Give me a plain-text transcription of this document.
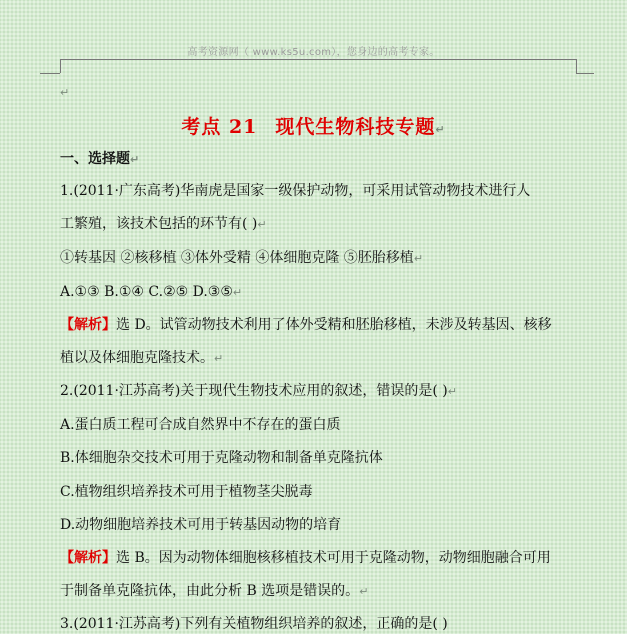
高考资源网（ www.ks5u.com），您身边的高考专家。
↵
考点 21 现代生物科技专题↵
一、选择题↵
1.(2011·广东高考)华南虎是国家一级保护动物，可采用试管动物技术进行人
工繁殖，该技术包括的环节有( )↵
①转基因 ②核移植 ③体外受精 ④体细胞克隆 ⑤胚胎移植↵
A.①③ B.①④ C.②⑤ D.③⑤↵
【解析】选 D。试管动物技术利用了体外受精和胚胎移植，未涉及转基因、核移
植以及体细胞克隆技术。↵
2.(2011·江苏高考)关于现代生物技术应用的叙述，错误的是( )↵
A.蛋白质工程可合成自然界中不存在的蛋白质
B.体细胞杂交技术可用于克隆动物和制备单克隆抗体
C.植物组织培养技术可用于植物茎尖脱毒
D.动物细胞培养技术可用于转基因动物的培育
【解析】选 B。因为动物体细胞核移植技术可用于克隆动物，动物细胞融合可用
于制备单克隆抗体，由此分析 B 选项是错误的。↵
3.(2011·江苏高考)下列有关植物组织培养的叙述，正确的是( )
